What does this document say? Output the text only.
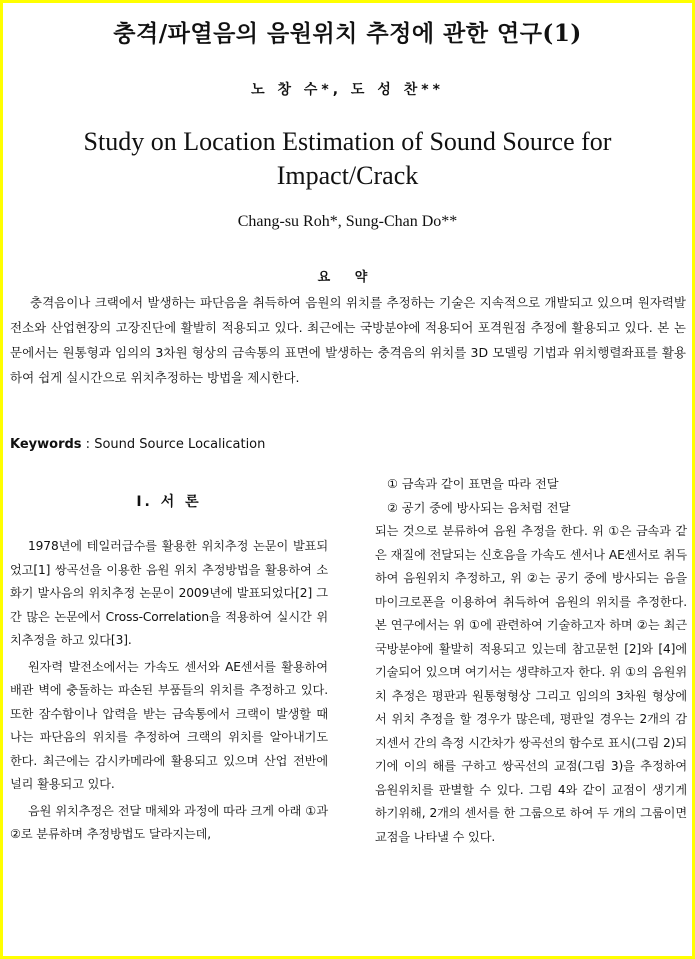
충격/파열음의 음원위치 추정에 관한 연구(1)
노 창 수*, 도 성 찬**
Study on Location Estimation of Sound Source for
Impact/Crack
Chang-su Roh*, Sung-Chan Do**
요 약
충격음이나 크랙에서 발생하는 파단음을 취득하여 음원의 위치를 추정하는 기술은 지속적으로 개발되고 있으며 원자력발전소와 산업현장의 고장진단에 활발히 적용되고 있다. 최근에는 국방분야에 적용되어 포격원점 추정에 활용되고 있다. 본 논문에서는 원통형과 임의의 3차원 형상의 금속통의 표면에 발생하는 충격음의 위치를 3D 모델링 기법과 위치행렬좌표를 활용하여 쉽게 실시간으로 위치추정하는 방법을 제시한다.
Keywords : Sound Source Localication
Ⅰ. 서 론

1978년에 테일러급수를 활용한 위치추정 논문이 발표되었고[1] 쌍곡선을 이용한 음원 위치 추정방법을 활용하여 소화기 발사음의 위치추정 논문이 2009년에 발표되었다[2] 그 간 많은 논문에서 Cross-Correlation을 적용하여 실시간 위치추정을 하고 있다[3].

원자력 발전소에서는 가속도 센서와 AE센서를 활용하여 배관 벽에 충돌하는 파손된 부품들의 위치를 추정하고 있다. 또한 잠수함이나 압력을 받는 금속통에서 크랙이 발생할 때 나는 파단음의 위치를 추정하여 크랙의 위치를 알아내기도 한다. 최근에는 감시카메라에 활용되고 있으며 산업 전반에 널리 활용되고 있다.

음원 위치추정은 전달 매체와 과정에 따라 크게 아래 ①과 ②로 분류하며 추정방법도 달라지는데,

① 금속과 같이 표면을 따라 전달
② 공기 중에 방사되는 음처럼 전달

되는 것으로 분류하여 음원 추정을 한다. 위 ①은 금속과 같은 재질에 전달되는 신호음을 가속도 센서나 AE센서로 취득하여 음원위치 추정하고, 위 ②는 공기 중에 방사되는 음을 마이크로폰을 이용하여 취득하여 음원의 위치를 추정한다. 본 연구에서는 위 ①에 관련하여 기술하고자 하며 ②는 최근 국방분야에 활발히 적용되고 있는데 참고문헌 [2]와 [4]에 기술되어 있으며 여기서는 생략하고자 한다. 위 ①의 음원위치 추정은 평판과 원통형형상 그리고 임의의 3차원 형상에서 위치 추정을 할 경우가 많은데, 평판일 경우는 2개의 감지센서 간의 측정 시간차가 쌍곡선의 함수로 표시(그림 2)되기에 이의 해를 구하고 쌍곡선의 교점(그림 3)을 추정하여 음원위치를 판별할 수 있다. 그림 4와 같이 교점이 생기게 하기위해, 2개의 센서를 한 그룹으로 하여 두 개의 그룹이면 교점을 나타낼 수 있다.
